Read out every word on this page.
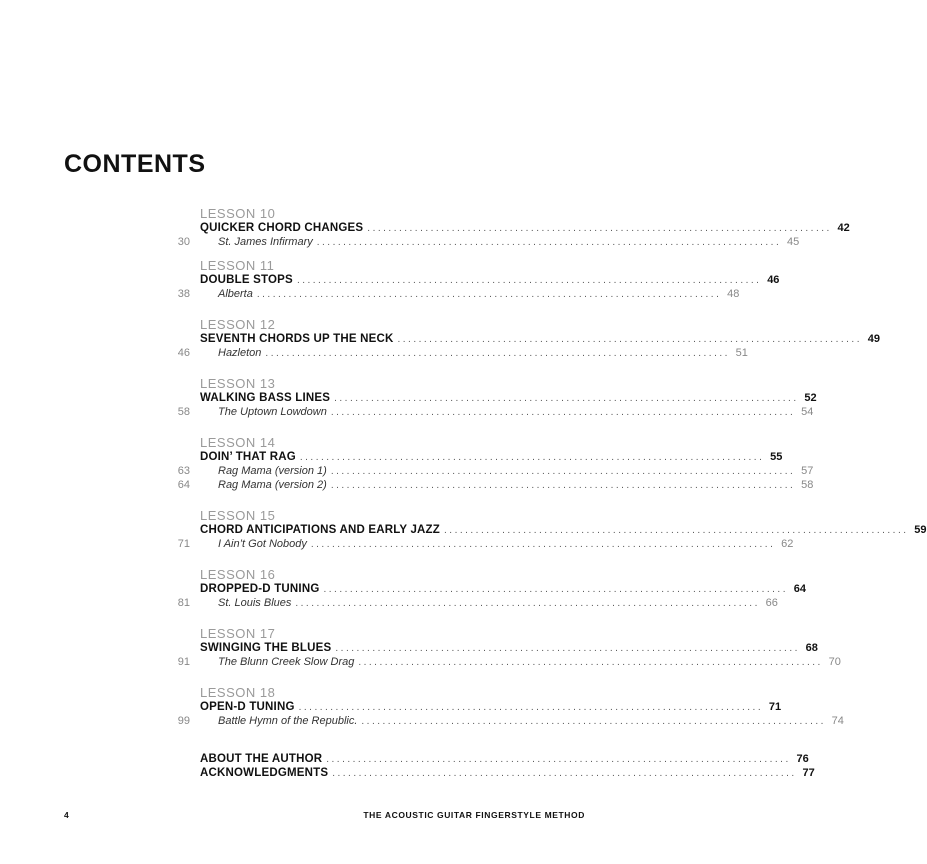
CONTENTS
LESSON 10
QUICKER CHORD CHANGES ........................................................................................ 42
30	St. James Infirmary ........................................................................................ 45
LESSON 11
DOUBLE STOPS ........................................................................................ 46
38	Alberta ........................................................................................ 48
LESSON 12
SEVENTH CHORDS UP THE NECK ........................................................................................ 49
46	Hazleton ........................................................................................ 51
LESSON 13
WALKING BASS LINES ........................................................................................ 52
58	The Uptown Lowdown ........................................................................................ 54
LESSON 14
DOIN’ THAT RAG ........................................................................................ 55
63	Rag Mama (version 1) ........................................................................................ 57
64	Rag Mama (version 2) ........................................................................................ 58
LESSON 15
CHORD ANTICIPATIONS AND EARLY JAZZ ........................................................................................ 59
71	I Ain’t Got Nobody ........................................................................................ 62
LESSON 16
DROPPED-D TUNING ........................................................................................ 64
81	St. Louis Blues ........................................................................................ 66
LESSON 17
SWINGING THE BLUES ........................................................................................ 68
91	The Blunn Creek Slow Drag ........................................................................................ 70
LESSON 18
OPEN-D TUNING ........................................................................................ 71
99	Battle Hymn of the Republic. ........................................................................................ 74
ABOUT THE AUTHOR ........................................................................................ 76
ACKNOWLEDGMENTS ........................................................................................ 77
4	THE ACOUSTIC GUITAR FINGERSTYLE METHOD
